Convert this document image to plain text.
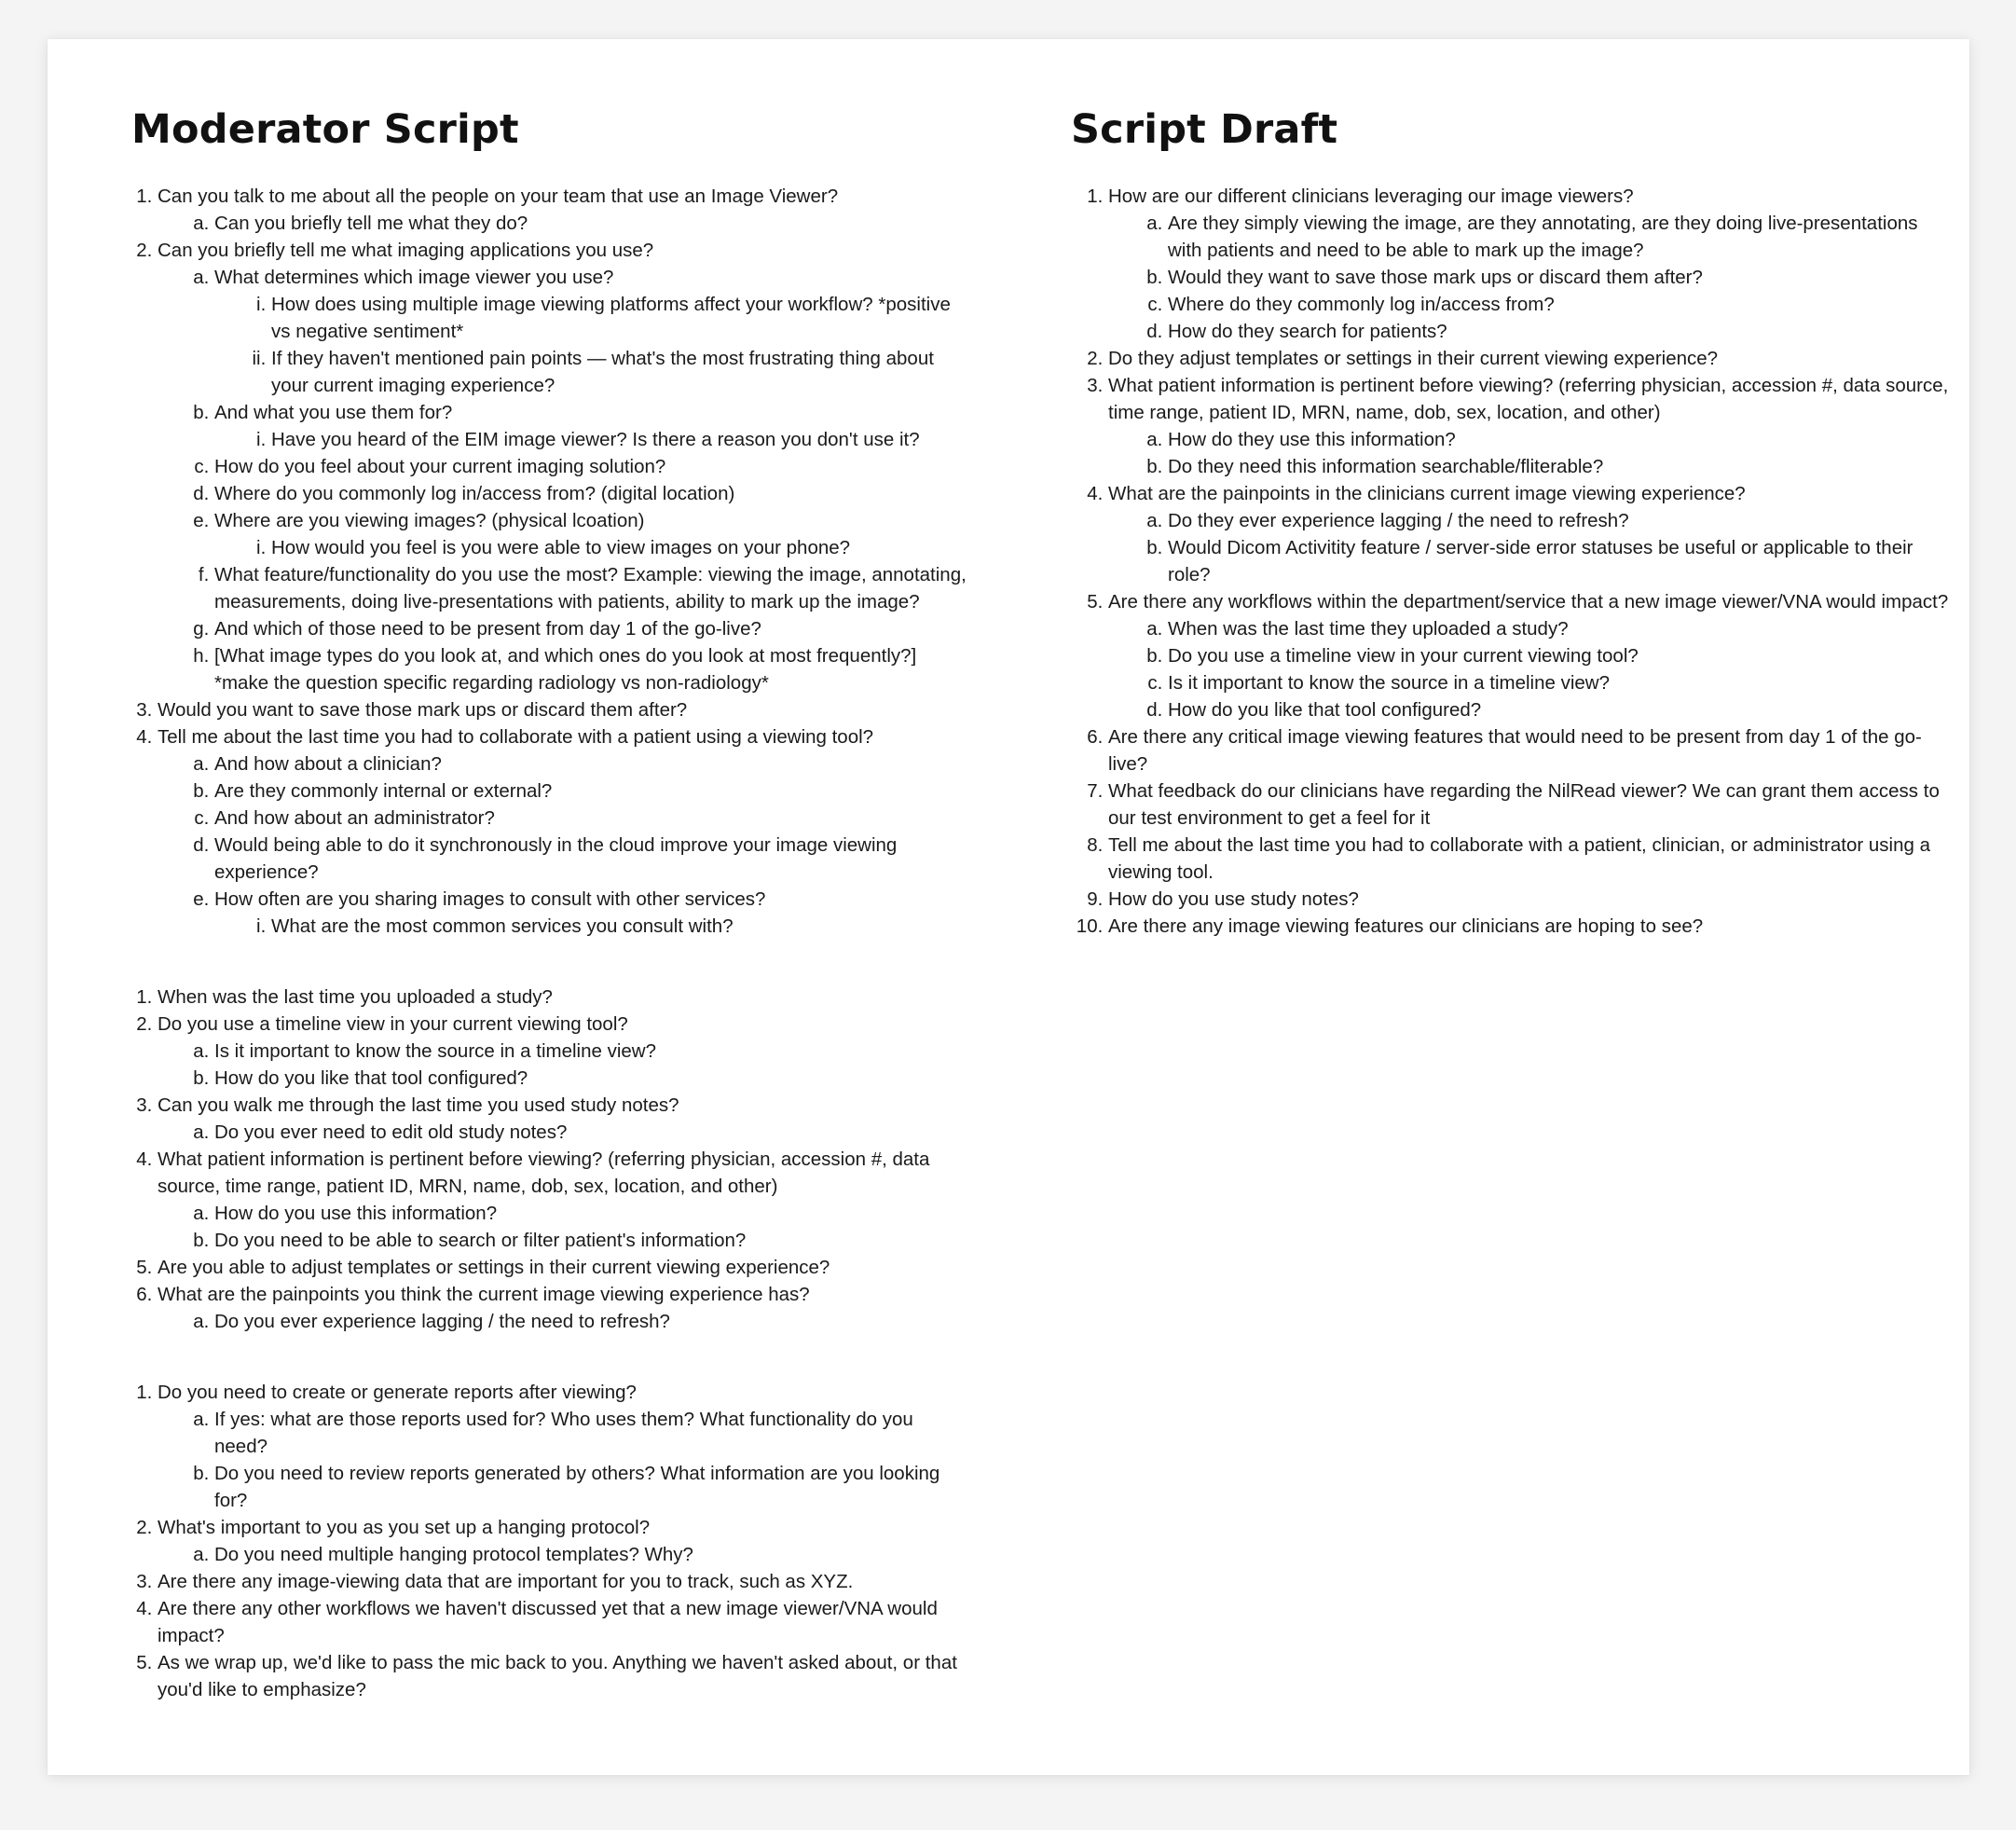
Moderator Script
1. Can you talk to me about all the people on your team that use an Image Viewer?
a. Can you briefly tell me what they do?
2. Can you briefly tell me what imaging applications you use?
a. What determines which image viewer you use?
i. How does using multiple image viewing platforms affect your workflow? *positive vs negative sentiment*
ii. If they haven't mentioned pain points — what's the most frustrating thing about your current imaging experience?
b. And what you use them for?
i. Have you heard of the EIM image viewer? Is there a reason you don't use it?
c. How do you feel about your current imaging solution?
d. Where do you commonly log in/access from? (digital location)
e. Where are you viewing images? (physical lcoation)
i. How would you feel is you were able to view images on your phone?
f. What feature/functionality do you use the most? Example: viewing the image, annotating, measurements, doing live-presentations with patients, ability to mark up the image?
g. And which of those need to be present from day 1 of the go-live?
h. [What image types do you look at, and which ones do you look at most frequently?] *make the question specific regarding radiology vs non-radiology*
3. Would you want to save those mark ups or discard them after?
4. Tell me about the last time you had to collaborate with a patient using a viewing tool?
a. And how about a clinician?
b. Are they commonly internal or external?
c. And how about an administrator?
d. Would being able to do it synchronously in the cloud improve your image viewing experience?
e. How often are you sharing images to consult with other services?
i. What are the most common services you consult with?
1. When was the last time you uploaded a study?
2. Do you use a timeline view in your current viewing tool?
a. Is it important to know the source in a timeline view?
b. How do you like that tool configured?
3. Can you walk me through the last time you used study notes?
a. Do you ever need to edit old study notes?
4. What patient information is pertinent before viewing? (referring physician, accession #, data source, time range, patient ID, MRN, name, dob, sex, location, and other)
a. How do you use this information?
b. Do you need to be able to search or filter patient's information?
5. Are you able to adjust templates or settings in their current viewing experience?
6. What are the painpoints you think the current image viewing experience has?
a. Do you ever experience lagging / the need to refresh?
1. Do you need to create or generate reports after viewing?
a. If yes: what are those reports used for? Who uses them? What functionality do you need?
b. Do you need to review reports generated by others? What information are you looking for?
2. What's important to you as you set up a hanging protocol?
a. Do you need multiple hanging protocol templates? Why?
3. Are there any image-viewing data that are important for you to track, such as XYZ.
4. Are there any other workflows we haven't discussed yet that a new image viewer/VNA would impact?
5. As we wrap up, we'd like to pass the mic back to you. Anything we haven't asked about, or that you'd like to emphasize?
Script Draft
1. How are our different clinicians leveraging our image viewers?
a. Are they simply viewing the image, are they annotating, are they doing live-presentations with patients and need to be able to mark up the image?
b. Would they want to save those mark ups or discard them after?
c. Where do they commonly log in/access from?
d. How do they search for patients?
2. Do they adjust templates or settings in their current viewing experience?
3. What patient information is pertinent before viewing? (referring physician, accession #, data source, time range, patient ID, MRN, name, dob, sex, location, and other)
a. How do they use this information?
b. Do they need this information searchable/fliterable?
4. What are the painpoints in the clinicians current image viewing experience?
a. Do they ever experience lagging / the need to refresh?
b. Would Dicom Activitity feature / server-side error statuses be useful or applicable to their role?
5. Are there any workflows within the department/service that a new image viewer/VNA would impact?
a. When was the last time they uploaded a study?
b. Do you use a timeline view in your current viewing tool?
c. Is it important to know the source in a timeline view?
d. How do you like that tool configured?
6. Are there any critical image viewing features that would need to be present from day 1 of the go-live?
7. What feedback do our clinicians have regarding the NilRead viewer? We can grant them access to our test environment to get a feel for it
8. Tell me about the last time you had to collaborate with a patient, clinician, or administrator using a viewing tool.
9. How do you use study notes?
10. Are there any image viewing features our clinicians are hoping to see?
